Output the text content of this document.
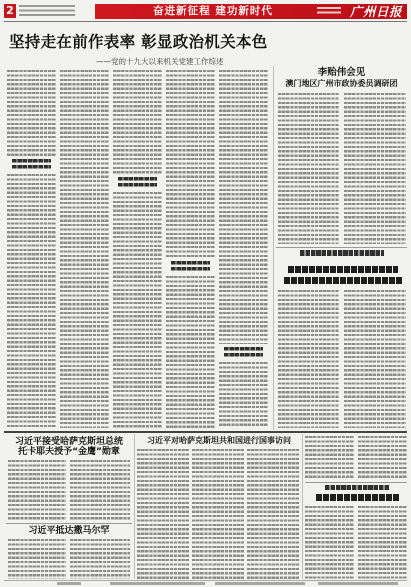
2	奋进新征程 建功新时代	广州日报
坚持走在前作表率 彰显政治机关本色
——党的十九大以来机关党建工作综述
李贻伟会见
澳门地区广州市政协委员调研团
习近平接受哈萨克斯坦总统
托卡耶夫授予“金鹰”勋章
习近平抵达撒马尔罕
习近平对哈萨克斯坦共和国进行国事访问
